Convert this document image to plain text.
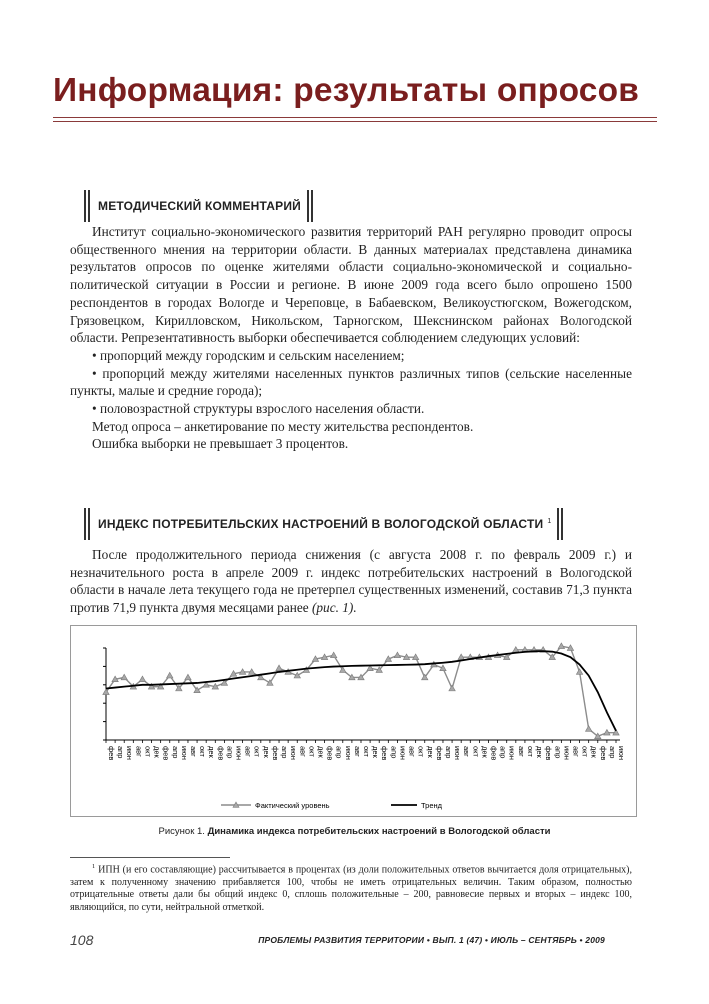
Информация: результаты опросов
МЕТОДИЧЕСКИЙ КОММЕНТАРИЙ

Институт социально-экономического развития территорий РАН регулярно проводит опросы общественного мнения на территории области. В данных материалах представлена динамика результатов опросов по оценке жителями области социально-экономической и социально-политической ситуации в России и регионе. В июне 2009 года всего было опрошено 1500 респондентов в городах Вологде и Череповце, в Бабаевском, Великоустюгском, Вожегодском, Грязовецком, Кирилловском, Никольском, Тарногском, Шекснинском районах Вологодской области. Репрезентативность выборки обеспечивается соблюдением следующих условий:

• пропорций между городским и сельским населением;

• пропорций между жителями населенных пунктов различных типов (сельские населенные пункты, малые и средние города);

• половозрастной структуры взрослого населения области.

Метод опроса – анкетирование по месту жительства респондентов.

Ошибка выборки не превышает 3 процентов.

ИНДЕКС ПОТРЕБИТЕЛЬСКИХ НАСТРОЕНИЙ В ВОЛОГОДСКОЙ ОБЛАСТИ $^1$

После продолжительного периода снижения (с августа 2008 г. по февраль 2009 г.) и незначительного роста в апреле 2009 г. индекс потребительских настроений в Вологодской области в начале лета текущего года не претерпел существенных изменений, составив 71,3 пункта против 71,9 пункта двумя месяцами ранее (рис. 1).

фев апр июн авг окт дек фев апр июн авг окт дек фев апр июн авг окт дек фев апр июн авг окт дек фев апр июн авг окт дек фев апр июн авг окт дек фев апр июн авг окт дек фев апр июн авг окт дек фев апр июн авг окт дек фев апр июн
Фактический уровень	Тренд
Рисунок 1. Динамика индекса потребительских настроений в Вологодской области

$^1$ ИПН (и его составляющие) рассчитывается в процентах (из доли положительных ответов вычитается доля отрицательных), затем к полученному значению прибавляется 100, чтобы не иметь отрицательных величин. Таким образом, полностью отрицательные ответы дали бы общий индекс 0, сплошь положительные – 200, равновесие первых и вторых – индекс 100, являющийся, по сути, нейтральной отметкой.

108	ПРОБЛЕМЫ РАЗВИТИЯ ТЕРРИТОРИИ • ВЫП. 1 (47) • ИЮЛЬ – СЕНТЯБРЬ • 2009
